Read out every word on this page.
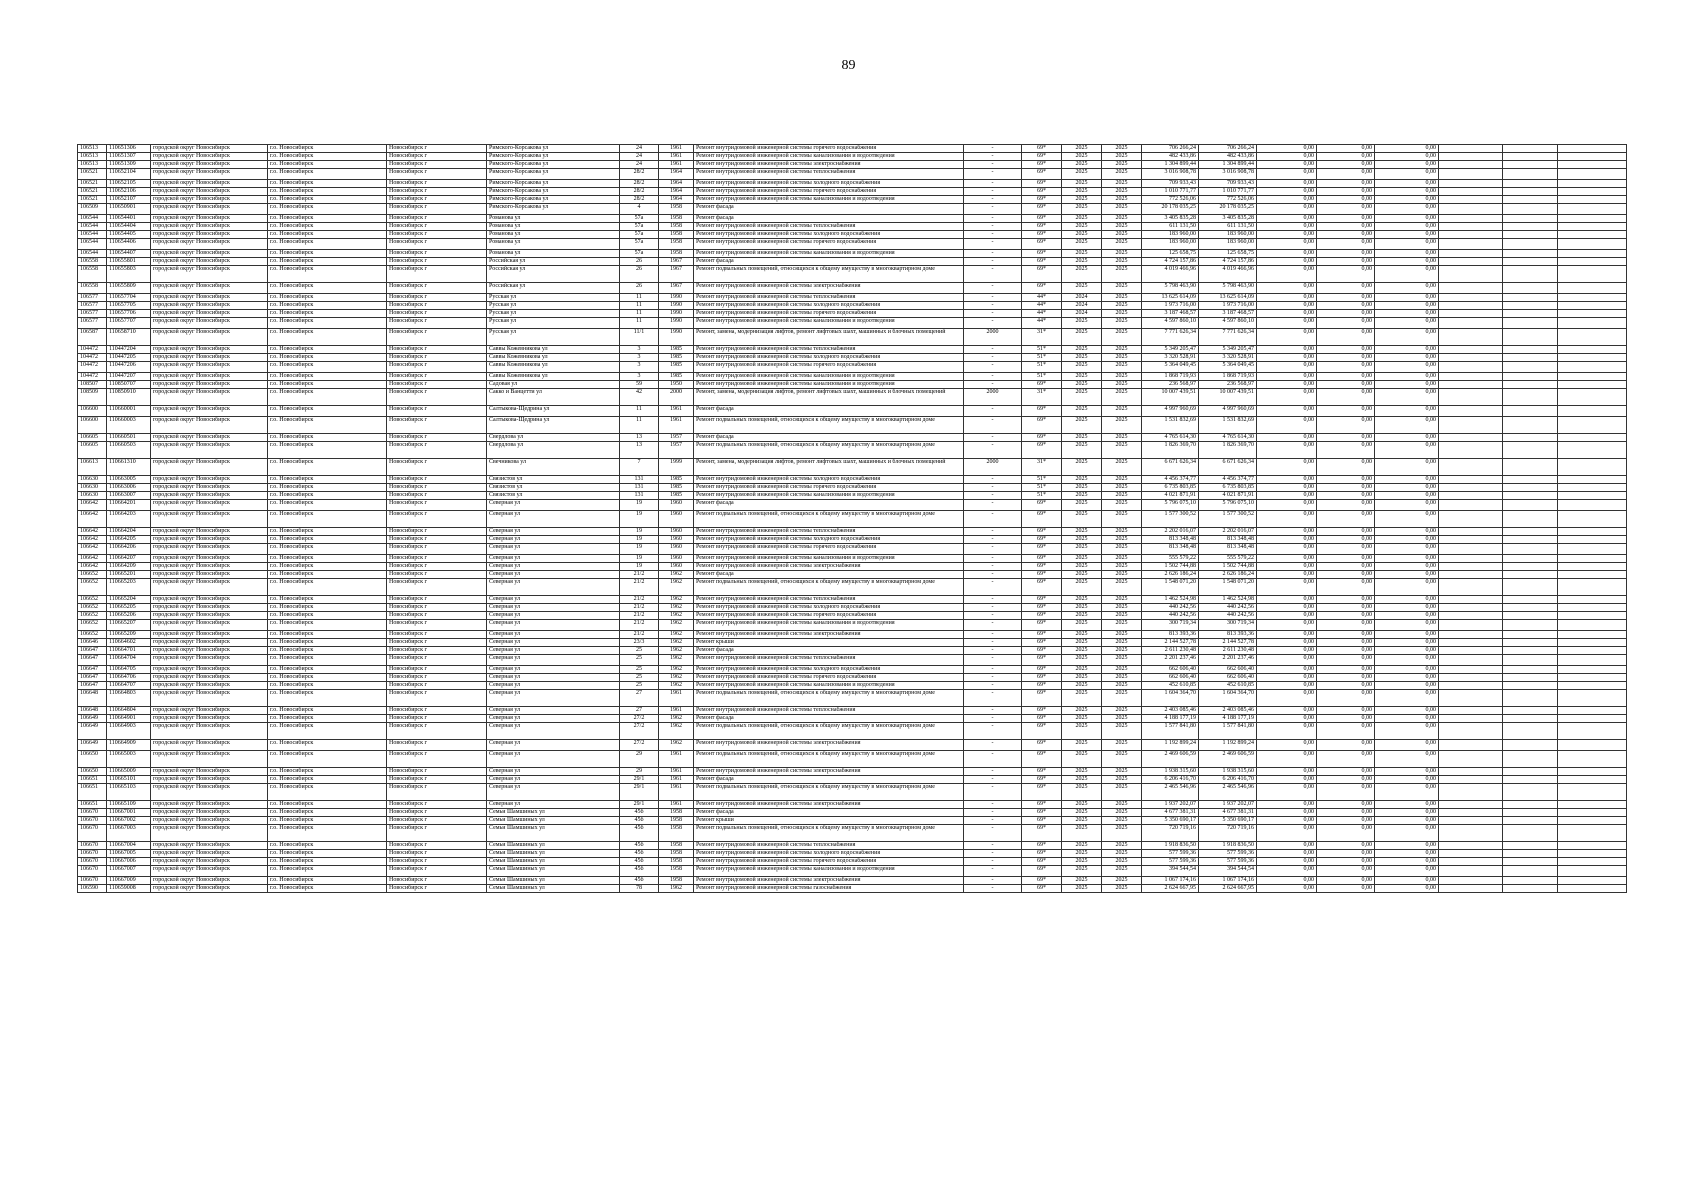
89
106513	110651306	городской округ Новосибирск	г.о. Новосибирск	Новосибирск г	Римского-Корсакова ул	24	1961	Ремонт внутридомовой инженерной системы горячего водоснабжения	-	69*	2025	2025	706 266,24	706 266,24	0,00	0,00	0,00			
106513	110651307	городской округ Новосибирск	г.о. Новосибирск	Новосибирск г	Римского-Корсакова ул	24	1961	Ремонт внутридомовой инженерной системы канализования и водоотведения	-	69*	2025	2025	482 433,86	482 433,86	0,00	0,00	0,00			
106513	110651309	городской округ Новосибирск	г.о. Новосибирск	Новосибирск г	Римского-Корсакова ул	24	1961	Ремонт внутридомовой инженерной системы электроснабжения	-	69*	2025	2025	1 304 899,44	1 304 899,44	0,00	0,00	0,00			
106521	110652104	городской округ Новосибирск	г.о. Новосибирск	Новосибирск г	Римского-Корсакова ул	28/2	1964	Ремонт внутридомовой инженерной системы теплоснабжения	-	69*	2025	2025	3 016 908,78	3 016 908,78	0,00	0,00	0,00			
106521	110652105	городской округ Новосибирск	г.о. Новосибирск	Новосибирск г	Римского-Корсакова ул	28/2	1964	Ремонт внутридомовой инженерной системы холодного водоснабжения	-	69*	2025	2025	709 933,43	709 933,43	0,00	0,00	0,00			
106521	110652106	городской округ Новосибирск	г.о. Новосибирск	Новосибирск г	Римского-Корсакова ул	28/2	1964	Ремонт внутридомовой инженерной системы горячего водоснабжения	-	69*	2025	2025	1 010 771,77	1 010 771,77	0,00	0,00	0,00			
106521	110652107	городской округ Новосибирск	г.о. Новосибирск	Новосибирск г	Римского-Корсакова ул	28/2	1964	Ремонт внутридомовой инженерной системы канализования и водоотведения	-	69*	2025	2025	772 526,06	772 526,06	0,00	0,00	0,00			
106509	110650901	городской округ Новосибирск	г.о. Новосибирск	Новосибирск г	Римского-Корсакова ул	4	1958	Ремонт фасада	-	69*	2025	2025	20 178 035,25	20 178 035,25	0,00	0,00	0,00			
106544	110654401	городской округ Новосибирск	г.о. Новосибирск	Новосибирск г	Романова ул	57а	1958	Ремонт фасада	-	69*	2025	2025	3 405 835,28	3 405 835,28	0,00	0,00	0,00			
106544	110654404	городской округ Новосибирск	г.о. Новосибирск	Новосибирск г	Романова ул	57а	1958	Ремонт внутридомовой инженерной системы теплоснабжения	-	69*	2025	2025	611 131,50	611 131,50	0,00	0,00	0,00			
106544	110654405	городской округ Новосибирск	г.о. Новосибирск	Новосибирск г	Романова ул	57а	1958	Ремонт внутридомовой инженерной системы холодного водоснабжения	-	69*	2025	2025	183 960,00	183 960,00	0,00	0,00	0,00			
106544	110654406	городской округ Новосибирск	г.о. Новосибирск	Новосибирск г	Романова ул	57а	1958	Ремонт внутридомовой инженерной системы горячего водоснабжения	-	69*	2025	2025	183 960,00	183 960,00	0,00	0,00	0,00			
106544	110654407	городской округ Новосибирск	г.о. Новосибирск	Новосибирск г	Романова ул	57а	1958	Ремонт внутридомовой инженерной системы канализования и водоотведения	-	69*	2025	2025	125 658,75	125 658,75	0,00	0,00	0,00			
106558	110655801	городской округ Новосибирск	г.о. Новосибирск	Новосибирск г	Российская ул	26	1967	Ремонт фасада	-	69*	2025	2025	4 724 157,86	4 724 157,86	0,00	0,00	0,00			
106558	110655803	городской округ Новосибирск	г.о. Новосибирск	Новосибирск г	Российская ул	26	1967	Ремонт подвальных помещений, относящихся к общему имуществу в многоквартирном доме	-	69*	2025	2025	4 019 466,96	4 019 466,96	0,00	0,00	0,00			
106558	110655809	городской округ Новосибирск	г.о. Новосибирск	Новосибирск г	Российская ул	26	1967	Ремонт внутридомовой инженерной системы электроснабжения	-	69*	2025	2025	5 798 463,90	5 798 463,90	0,00	0,00	0,00			
106577	110657704	городской округ Новосибирск	г.о. Новосибирск	Новосибирск г	Русская ул	11	1990	Ремонт внутридомовой инженерной системы теплоснабжения	-	44*	2024	2025	13 625 614,09	13 625 614,09	0,00	0,00	0,00			
106577	110657705	городской округ Новосибирск	г.о. Новосибирск	Новосибирск г	Русская ул	11	1990	Ремонт внутридомовой инженерной системы холодного водоснабжения	-	44*	2024	2025	1 973 716,00	1 973 716,00	0,00	0,00	0,00			
106577	110657706	городской округ Новосибирск	г.о. Новосибирск	Новосибирск г	Русская ул	11	1990	Ремонт внутридомовой инженерной системы горячего водоснабжения	-	44*	2024	2025	3 187 468,57	3 187 468,57	0,00	0,00	0,00			
106577	110657707	городской округ Новосибирск	г.о. Новосибирск	Новосибирск г	Русская ул	11	1990	Ремонт внутридомовой инженерной системы канализования и водоотведения	-	44*	2025	2025	4 597 860,10	4 597 860,10	0,00	0,00	0,00			
106587	110658710	городской округ Новосибирск	г.о. Новосибирск	Новосибирск г	Русская ул	11/1	1990	Ремонт, замена, модернизация лифтов, ремонт лифтовых шахт, машинных и блочных помещений	2000	31*	2025	2025	7 771 626,34	7 771 626,34	0,00	0,00	0,00			
104472	110447204	городской округ Новосибирск	г.о. Новосибирск	Новосибирск г	Саввы Кожевникова ул	3	1985	Ремонт внутридомовой инженерной системы теплоснабжения	-	51*	2025	2025	5 349 205,47	5 349 205,47	0,00	0,00	0,00			
104472	110447205	городской округ Новосибирск	г.о. Новосибирск	Новосибирск г	Саввы Кожевникова ул	3	1985	Ремонт внутридомовой инженерной системы холодного водоснабжения	-	51*	2025	2025	3 320 528,91	3 320 528,91	0,00	0,00	0,00			
104472	110447206	городской округ Новосибирск	г.о. Новосибирск	Новосибирск г	Саввы Кожевникова ул	3	1985	Ремонт внутридомовой инженерной системы горячего водоснабжения	-	51*	2025	2025	5 364 049,45	5 364 049,45	0,00	0,00	0,00			
104472	110447207	городской округ Новосибирск	г.о. Новосибирск	Новосибирск г	Саввы Кожевникова ул	3	1985	Ремонт внутридомовой инженерной системы канализования и водоотведения	-	51*	2025	2025	1 868 719,93	1 868 719,93	0,00	0,00	0,00			
108507	110850707	городской округ Новосибирск	г.о. Новосибирск	Новосибирск г	Садовая ул	59	1950	Ремонт внутридомовой инженерной системы канализования и водоотведения	-	69*	2025	2025	236 568,97	236 568,97	0,00	0,00	0,00			
108509	110850910	городской округ Новосибирск	г.о. Новосибирск	Новосибирск г	Сакко и Ванцетти ул	42	2000	Ремонт, замена, модернизация лифтов, ремонт лифтовых шахт, машинных и блочных помещений	2000	31*	2025	2025	10 007 439,51	10 007 439,51	0,00	0,00	0,00			
106600	110660001	городской округ Новосибирск	г.о. Новосибирск	Новосибирск г	Салтыкова-Щедрина ул	11	1961	Ремонт фасада	-	69*	2025	2025	4 997 960,69	4 997 960,69	0,00	0,00	0,00			
106600	110660003	городской округ Новосибирск	г.о. Новосибирск	Новосибирск г	Салтыкова-Щедрина ул	11	1961	Ремонт подвальных помещений, относящихся к общему имуществу в многоквартирном доме	-	69*	2025	2025	1 531 832,69	1 531 832,69	0,00	0,00	0,00			
106605	110660501	городской округ Новосибирск	г.о. Новосибирск	Новосибирск г	Свердлова ул	13	1957	Ремонт фасада	-	69*	2025	2025	4 765 614,30	4 765 614,30	0,00	0,00	0,00			
106605	110660503	городской округ Новосибирск	г.о. Новосибирск	Новосибирск г	Свердлова ул	13	1957	Ремонт подвальных помещений, относящихся к общему имуществу в многоквартирном доме	-	69*	2025	2025	1 826 369,70	1 826 369,70	0,00	0,00	0,00			
106613	110661310	городской округ Новосибирск	г.о. Новосибирск	Новосибирск г	Свечникова ул	7	1999	Ремонт, замена, модернизация лифтов, ремонт лифтовых шахт, машинных и блочных помещений	2000	31*	2025	2025	6 671 626,34	6 671 626,34	0,00	0,00	0,00			
106630	110663005	городской округ Новосибирск	г.о. Новосибирск	Новосибирск г	Связистов ул	131	1985	Ремонт внутридомовой инженерной системы холодного водоснабжения	-	51*	2025	2025	4 456 374,77	4 456 374,77	0,00	0,00	0,00			
106630	110663006	городской округ Новосибирск	г.о. Новосибирск	Новосибирск г	Связистов ул	131	1985	Ремонт внутридомовой инженерной системы горячего водоснабжения	-	51*	2025	2025	6 735 803,85	6 735 803,85	0,00	0,00	0,00			
106630	110663007	городской округ Новосибирск	г.о. Новосибирск	Новосибирск г	Связистов ул	131	1985	Ремонт внутридомовой инженерной системы канализования и водоотведения	-	51*	2025	2025	4 021 871,91	4 021 871,91	0,00	0,00	0,00			
106642	110664201	городской округ Новосибирск	г.о. Новосибирск	Новосибирск г	Северная ул	19	1960	Ремонт фасада	-	69*	2025	2025	5 796 075,10	5 796 075,10	0,00	0,00	0,00			
106642	110664203	городской округ Новосибирск	г.о. Новосибирск	Новосибирск г	Северная ул	19	1960	Ремонт подвальных помещений, относящихся к общему имуществу в многоквартирном доме	-	69*	2025	2025	1 577 300,52	1 577 300,52	0,00	0,00	0,00			
106642	110664204	городской округ Новосибирск	г.о. Новосибирск	Новосибирск г	Северная ул	19	1960	Ремонт внутридомовой инженерной системы теплоснабжения	-	69*	2025	2025	2 202 016,07	2 202 016,07	0,00	0,00	0,00			
106642	110664205	городской округ Новосибирск	г.о. Новосибирск	Новосибирск г	Северная ул	19	1960	Ремонт внутридомовой инженерной системы холодного водоснабжения	-	69*	2025	2025	813 348,48	813 348,48	0,00	0,00	0,00			
106642	110664206	городской округ Новосибирск	г.о. Новосибирск	Новосибирск г	Северная ул	19	1960	Ремонт внутридомовой инженерной системы горячего водоснабжения	-	69*	2025	2025	813 348,48	813 348,48	0,00	0,00	0,00			
106642	110664207	городской округ Новосибирск	г.о. Новосибирск	Новосибирск г	Северная ул	19	1960	Ремонт внутридомовой инженерной системы канализования и водоотведения	-	69*	2025	2025	555 579,22	555 579,22	0,00	0,00	0,00			
106642	110664209	городской округ Новосибирск	г.о. Новосибирск	Новосибирск г	Северная ул	19	1960	Ремонт внутридомовой инженерной системы электроснабжения	-	69*	2025	2025	1 502 744,88	1 502 744,88	0,00	0,00	0,00			
106652	110665201	городской округ Новосибирск	г.о. Новосибирск	Новосибирск г	Северная ул	21/2	1962	Ремонт фасада	-	69*	2025	2025	2 626 186,24	2 626 186,24	0,00	0,00	0,00			
106652	110665203	городской округ Новосибирск	г.о. Новосибирск	Новосибирск г	Северная ул	21/2	1962	Ремонт подвальных помещений, относящихся к общему имуществу в многоквартирном доме	-	69*	2025	2025	1 548 071,20	1 548 071,20	0,00	0,00	0,00			
106652	110665204	городской округ Новосибирск	г.о. Новосибирск	Новосибирск г	Северная ул	21/2	1962	Ремонт внутридомовой инженерной системы теплоснабжения	-	69*	2025	2025	1 462 524,98	1 462 524,98	0,00	0,00	0,00			
106652	110665205	городской округ Новосибирск	г.о. Новосибирск	Новосибирск г	Северная ул	21/2	1962	Ремонт внутридомовой инженерной системы холодного водоснабжения	-	69*	2025	2025	440 242,56	440 242,56	0,00	0,00	0,00			
106652	110665206	городской округ Новосибирск	г.о. Новосибирск	Новосибирск г	Северная ул	21/2	1962	Ремонт внутридомовой инженерной системы горячего водоснабжения	-	69*	2025	2025	440 242,56	440 242,56	0,00	0,00	0,00			
106652	110665207	городской округ Новосибирск	г.о. Новосибирск	Новосибирск г	Северная ул	21/2	1962	Ремонт внутридомовой инженерной системы канализования и водоотведения	-	69*	2025	2025	300 719,34	300 719,34	0,00	0,00	0,00			
106652	110665209	городской округ Новосибирск	г.о. Новосибирск	Новосибирск г	Северная ул	21/2	1962	Ремонт внутридомовой инженерной системы электроснабжения	-	69*	2025	2025	813 393,36	813 393,36	0,00	0,00	0,00			
106646	110664602	городской округ Новосибирск	г.о. Новосибирск	Новосибирск г	Северная ул	23/3	1962	Ремонт крыши	-	69*	2025	2025	2 144 527,78	2 144 527,78	0,00	0,00	0,00			
106647	110664701	городской округ Новосибирск	г.о. Новосибирск	Новосибирск г	Северная ул	25	1962	Ремонт фасада	-	69*	2025	2025	2 611 230,48	2 611 230,48	0,00	0,00	0,00			
106647	110664704	городской округ Новосибирск	г.о. Новосибирск	Новосибирск г	Северная ул	25	1962	Ремонт внутридомовой инженерной системы теплоснабжения	-	69*	2025	2025	2 201 237,46	2 201 237,46	0,00	0,00	0,00			
106647	110664705	городской округ Новосибирск	г.о. Новосибирск	Новосибирск г	Северная ул	25	1962	Ремонт внутридомовой инженерной системы холодного водоснабжения	-	69*	2025	2025	662 606,40	662 606,40	0,00	0,00	0,00			
106647	110664706	городской округ Новосибирск	г.о. Новосибирск	Новосибирск г	Северная ул	25	1962	Ремонт внутридомовой инженерной системы горячего водоснабжения	-	69*	2025	2025	662 606,40	662 606,40	0,00	0,00	0,00			
106647	110664707	городской округ Новосибирск	г.о. Новосибирск	Новосибирск г	Северная ул	25	1962	Ремонт внутридомовой инженерной системы канализования и водоотведения	-	69*	2025	2025	452 610,85	452 610,85	0,00	0,00	0,00			
106648	110664803	городской округ Новосибирск	г.о. Новосибирск	Новосибирск г	Северная ул	27	1961	Ремонт подвальных помещений, относящихся к общему имуществу в многоквартирном доме	-	69*	2025	2025	1 604 364,70	1 604 364,70	0,00	0,00	0,00			
106648	110664804	городской округ Новосибирск	г.о. Новосибирск	Новосибирск г	Северная ул	27	1961	Ремонт внутридомовой инженерной системы теплоснабжения	-	69*	2025	2025	2 403 085,46	2 403 085,46	0,00	0,00	0,00			
106649	110664901	городской округ Новосибирск	г.о. Новосибирск	Новосибирск г	Северная ул	27/2	1962	Ремонт фасада	-	69*	2025	2025	4 188 177,19	4 188 177,19	0,00	0,00	0,00			
106649	110664903	городской округ Новосибирск	г.о. Новосибирск	Новосибирск г	Северная ул	27/2	1962	Ремонт подвальных помещений, относящихся к общему имуществу в многоквартирном доме	-	69*	2025	2025	1 577 841,80	1 577 841,80	0,00	0,00	0,00			
106649	110664909	городской округ Новосибирск	г.о. Новосибирск	Новосибирск г	Северная ул	27/2	1962	Ремонт внутридомовой инженерной системы электроснабжения	-	69*	2025	2025	1 192 899,24	1 192 899,24	0,00	0,00	0,00			
106650	110665003	городской округ Новосибирск	г.о. Новосибирск	Новосибирск г	Северная ул	29	1961	Ремонт подвальных помещений, относящихся к общему имуществу в многоквартирном доме	-	69*	2025	2025	2 469 606,59	2 469 606,59	0,00	0,00	0,00			
106650	110665009	городской округ Новосибирск	г.о. Новосибирск	Новосибирск г	Северная ул	29	1961	Ремонт внутридомовой инженерной системы электроснабжения	-	69*	2025	2025	1 938 315,60	1 938 315,60	0,00	0,00	0,00			
106651	110665101	городской округ Новосибирск	г.о. Новосибирск	Новосибирск г	Северная ул	29/1	1961	Ремонт фасада	-	69*	2025	2025	6 206 416,70	6 206 416,70	0,00	0,00	0,00			
106651	110665103	городской округ Новосибирск	г.о. Новосибирск	Новосибирск г	Северная ул	29/1	1961	Ремонт подвальных помещений, относящихся к общему имуществу в многоквартирном доме	-	69*	2025	2025	2 465 546,96	2 465 546,96	0,00	0,00	0,00			
106651	110665109	городской округ Новосибирск	г.о. Новосибирск	Новосибирск г	Северная ул	29/1	1961	Ремонт внутридомовой инженерной системы электроснабжения	-	69*	2025	2025	1 937 202,07	1 937 202,07	0,00	0,00	0,00			
106670	110667001	городской округ Новосибирск	г.о. Новосибирск	Новосибирск г	Семьи Шамшиных ул	45б	1958	Ремонт фасада	-	69*	2025	2025	4 677 381,31	4 677 381,31	0,00	0,00	0,00			
106670	110667002	городской округ Новосибирск	г.о. Новосибирск	Новосибирск г	Семьи Шамшиных ул	45б	1958	Ремонт крыши	-	69*	2025	2025	5 350 690,17	5 350 690,17	0,00	0,00	0,00			
106670	110667003	городской округ Новосибирск	г.о. Новосибирск	Новосибирск г	Семьи Шамшиных ул	45б	1958	Ремонт подвальных помещений, относящихся к общему имуществу в многоквартирном доме	-	69*	2025	2025	720 719,16	720 719,16	0,00	0,00	0,00			
106670	110667004	городской округ Новосибирск	г.о. Новосибирск	Новосибирск г	Семьи Шамшиных ул	45б	1958	Ремонт внутридомовой инженерной системы теплоснабжения	-	69*	2025	2025	1 918 836,50	1 918 836,50	0,00	0,00	0,00			
106670	110667005	городской округ Новосибирск	г.о. Новосибирск	Новосибирск г	Семьи Шамшиных ул	45б	1958	Ремонт внутридомовой инженерной системы холодного водоснабжения	-	69*	2025	2025	577 599,36	577 599,36	0,00	0,00	0,00			
106670	110667006	городской округ Новосибирск	г.о. Новосибирск	Новосибирск г	Семьи Шамшиных ул	45б	1958	Ремонт внутридомовой инженерной системы горячего водоснабжения	-	69*	2025	2025	577 599,36	577 599,36	0,00	0,00	0,00			
106670	110667007	городской округ Новосибирск	г.о. Новосибирск	Новосибирск г	Семьи Шамшиных ул	45б	1958	Ремонт внутридомовой инженерной системы канализования и водоотведения	-	69*	2025	2025	394 544,54	394 544,54	0,00	0,00	0,00			
106670	110667009	городской округ Новосибирск	г.о. Новосибирск	Новосибирск г	Семьи Шамшиных ул	45б	1958	Ремонт внутридомовой инженерной системы электроснабжения	-	69*	2025	2025	1 067 174,16	1 067 174,16	0,00	0,00	0,00			
106590	110659008	городской округ Новосибирск	г.о. Новосибирск	Новосибирск г	Семьи Шамшиных ул	78	1962	Ремонт внутридомовой инженерной системы газоснабжения	-	69*	2025	2025	2 624 667,95	2 624 667,95	0,00	0,00	0,00			
